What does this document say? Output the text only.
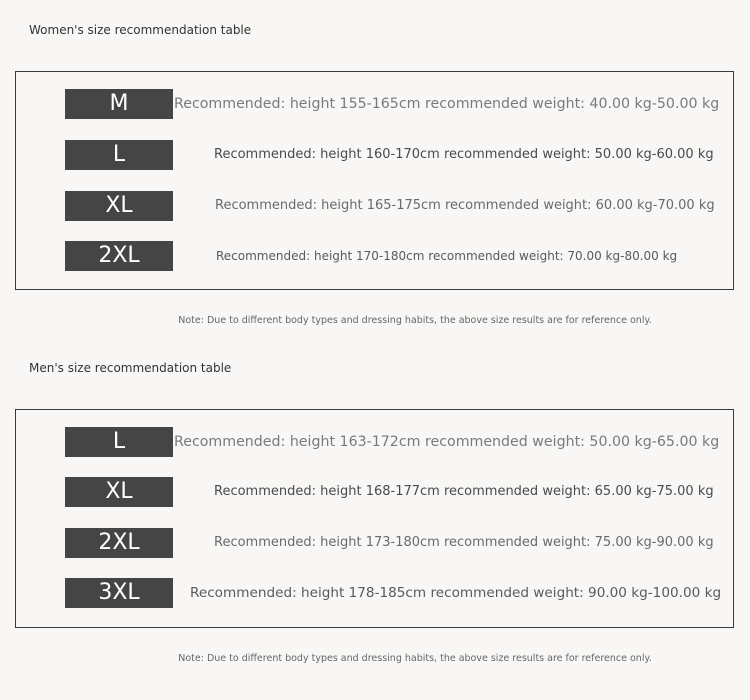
Women's size recommendation table
M	Recommended: height 155-165cm recommended weight: 40.00 kg-50.00 kg
L	Recommended: height 160-170cm recommended weight: 50.00 kg-60.00 kg
XL	Recommended: height 165-175cm recommended weight: 60.00 kg-70.00 kg
2XL	Recommended: height 170-180cm recommended weight: 70.00 kg-80.00 kg
Note: Due to different body types and dressing habits, the above size results are for reference only.
Men's size recommendation table
L	Recommended: height 163-172cm recommended weight: 50.00 kg-65.00 kg
XL	Recommended: height 168-177cm recommended weight: 65.00 kg-75.00 kg
2XL	Recommended: height 173-180cm recommended weight: 75.00 kg-90.00 kg
3XL	Recommended: height 178-185cm recommended weight: 90.00 kg-100.00 kg
Note: Due to different body types and dressing habits, the above size results are for reference only.
